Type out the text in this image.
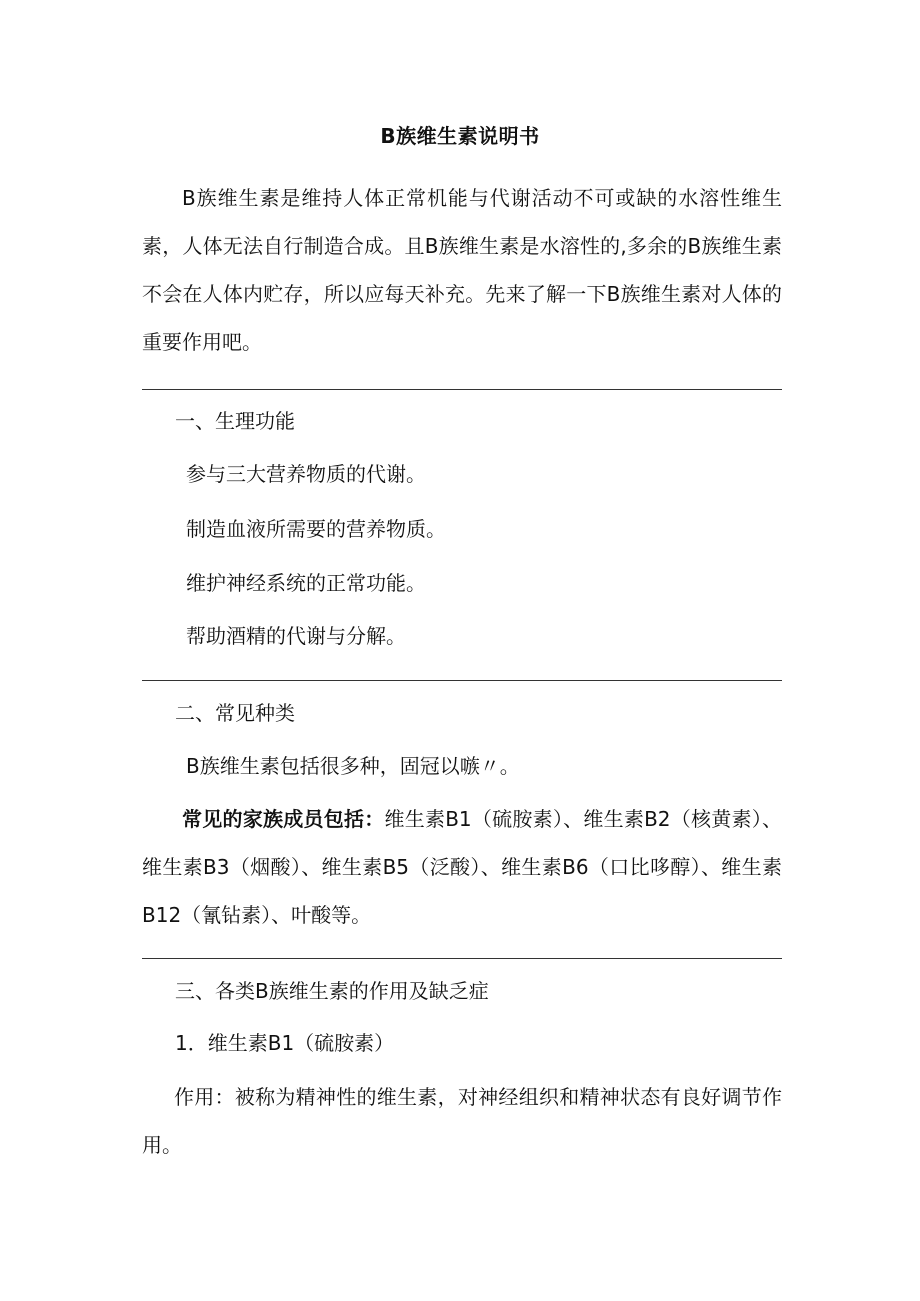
B族维生素说明书

B族维生素是维持人体正常机能与代谢活动不可或缺的水溶性维生素，人体无法自行制造合成。且B族维生素是水溶性的,多余的B族维生素不会在人体内贮存，所以应每天补充。先来了解一下B族维生素对人体的重要作用吧。

一、生理功能

参与三大营养物质的代谢。

制造血液所需要的营养物质。

维护神经系统的正常功能。

帮助酒精的代谢与分解。

二、常见种类

B族维生素包括很多种，固冠以嗾〃。

常见的家族成员包括：维生素B1（硫胺素）、维生素B2（核黄素）、维生素B3（烟酸）、维生素B5（泛酸）、维生素B6（口比哆醇）、维生素B12（氰钻素）、叶酸等。

三、各类B族维生素的作用及缺乏症

1．维生素B1（硫胺素）

作用：被称为精神性的维生素，对神经组织和精神状态有良好调节作用。
